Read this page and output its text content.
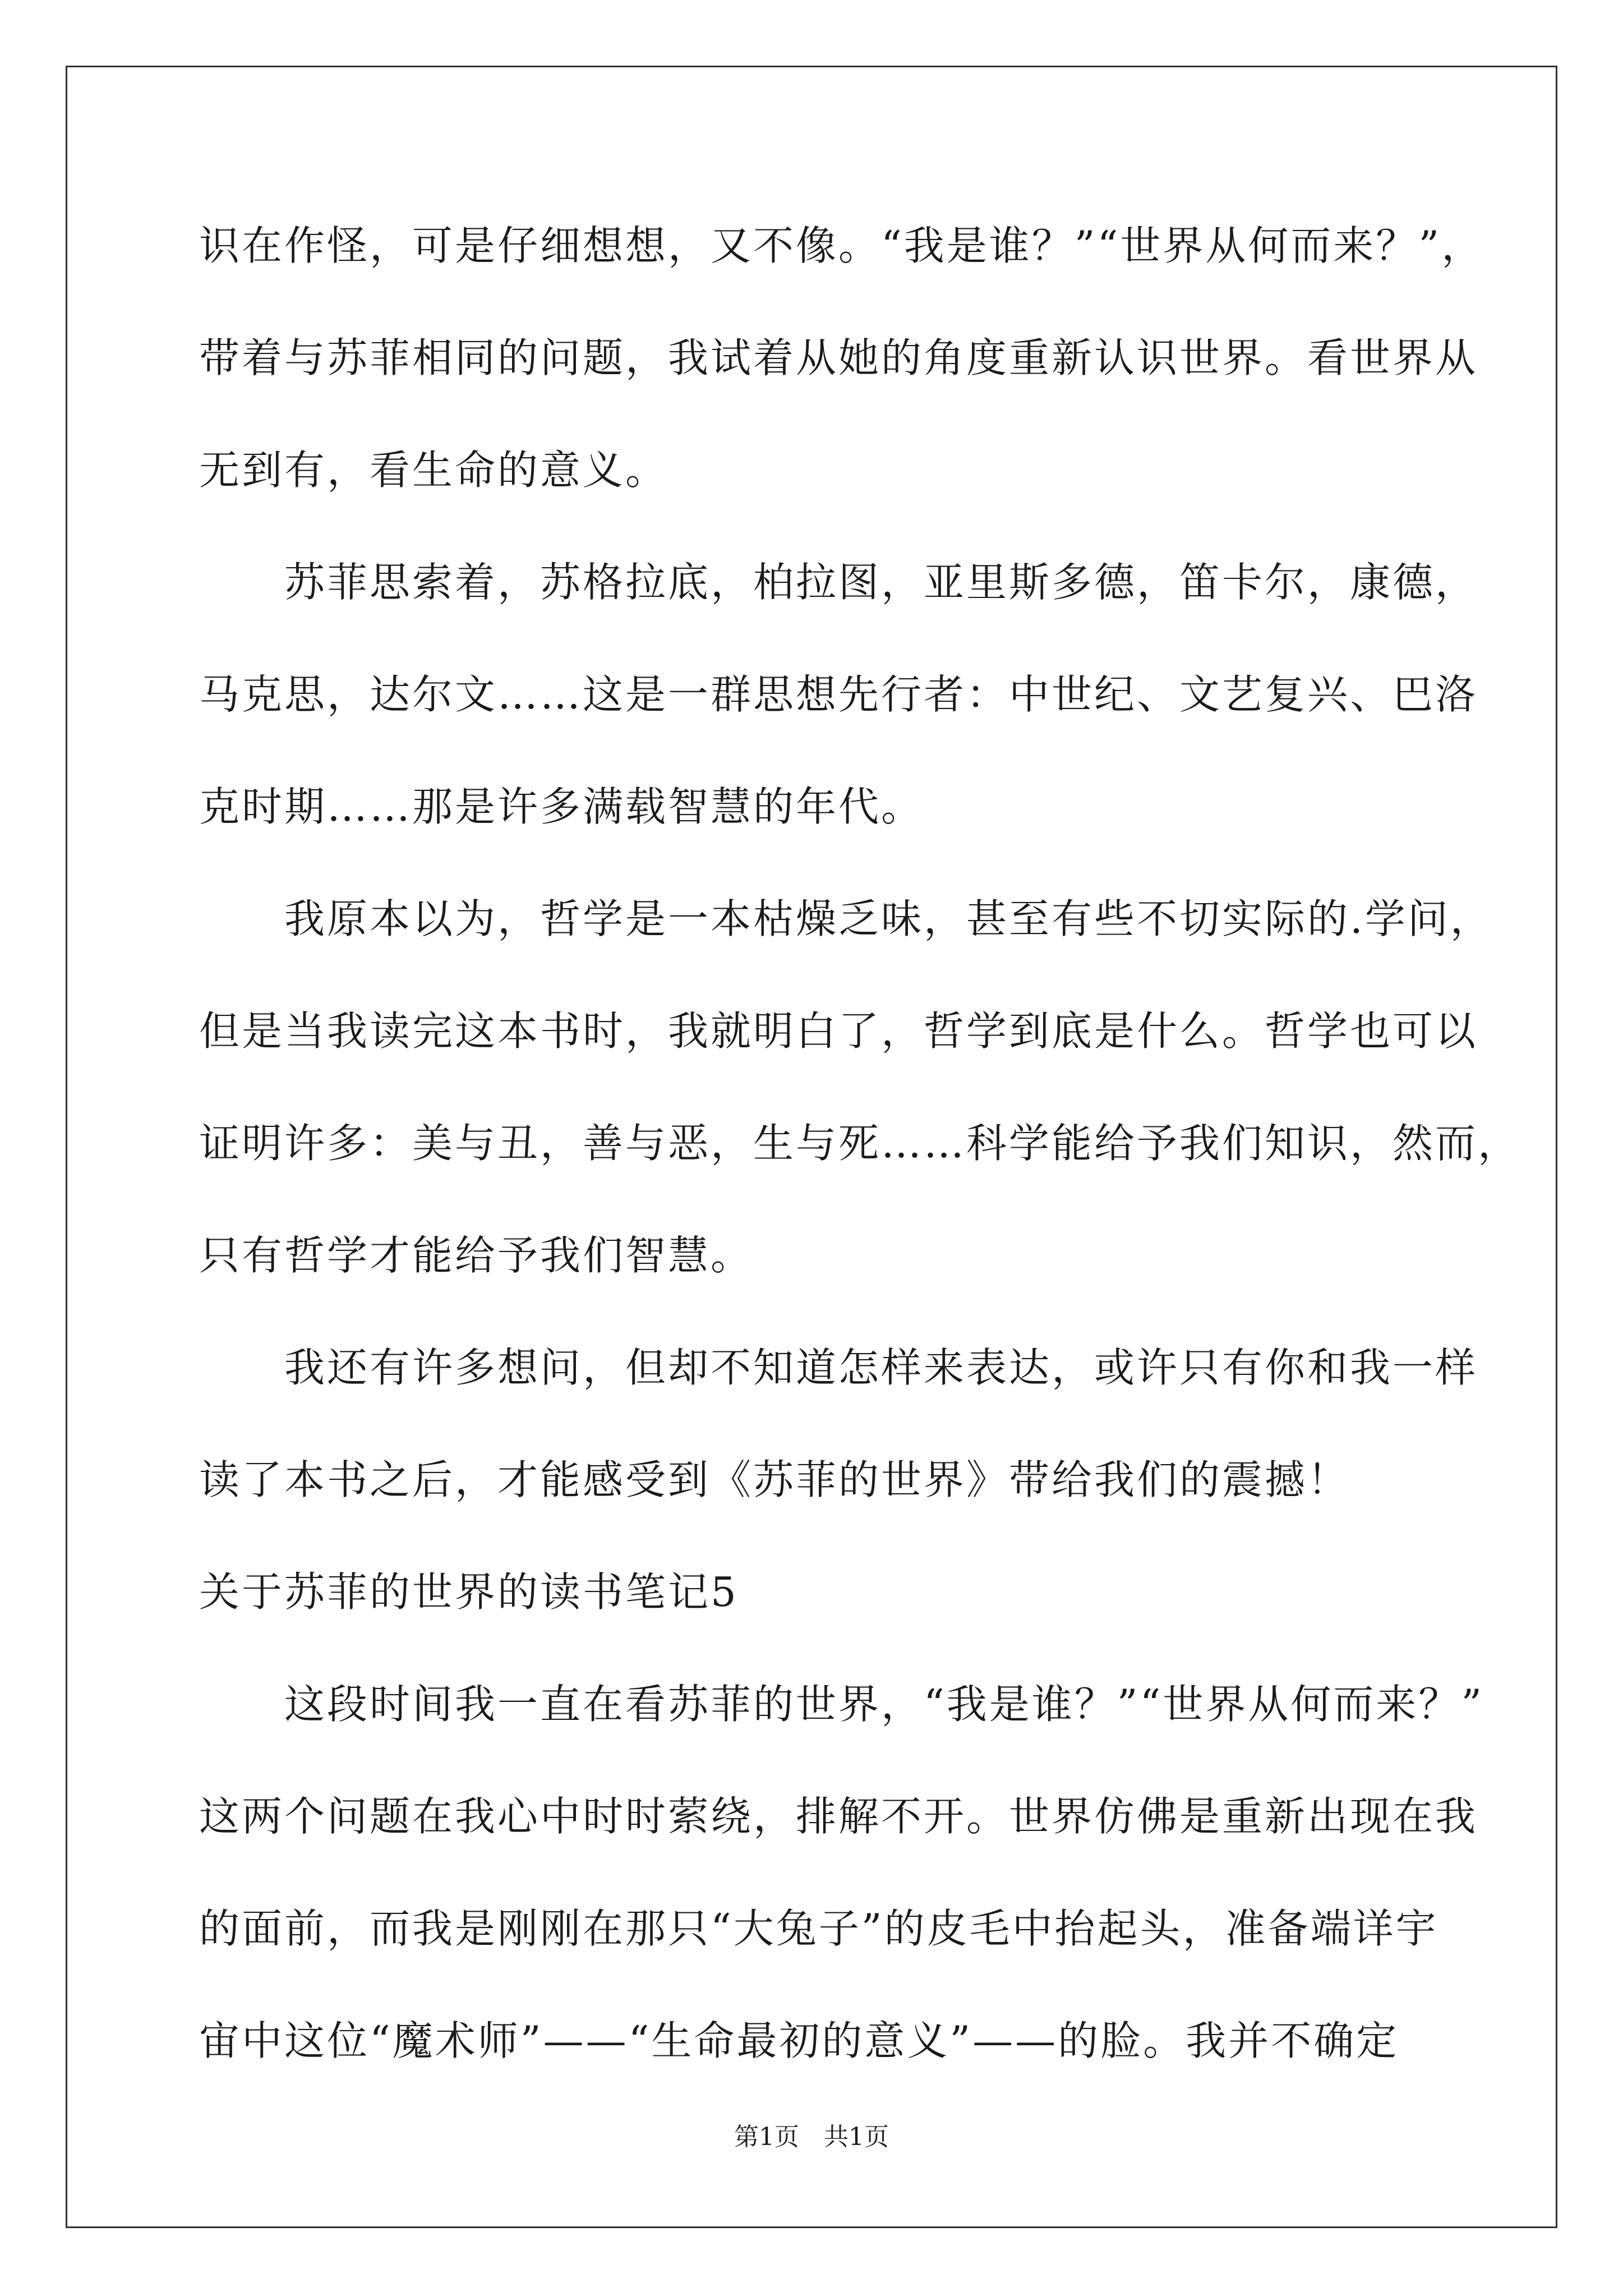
识在作怪，可是仔细想想，又不像。“我是谁？”“世界从何而来？”，
带着与苏菲相同的问题，我试着从她的角度重新认识世界。看世界从
无到有，看生命的意义。
　　苏菲思索着，苏格拉底，柏拉图，亚里斯多德，笛卡尔，康德，
马克思，达尔文……这是一群思想先行者：中世纪、文艺复兴、巴洛
克时期……那是许多满载智慧的年代。
　　我原本以为，哲学是一本枯燥乏味，甚至有些不切实际的.学问，
但是当我读完这本书时，我就明白了，哲学到底是什么。哲学也可以
证明许多：美与丑，善与恶，生与死……科学能给予我们知识，然而，
只有哲学才能给予我们智慧。
　　我还有许多想问，但却不知道怎样来表达，或许只有你和我一样
读了本书之后，才能感受到《苏菲的世界》带给我们的震撼！
关于苏菲的世界的读书笔记5
　　这段时间我一直在看苏菲的世界，“我是谁？”“世界从何而来？”
这两个问题在我心中时时萦绕，排解不开。世界仿佛是重新出现在我
的面前，而我是刚刚在那只“大兔子”的皮毛中抬起头，准备端详宇
宙中这位“魔术师”——“生命最初的意义”——的脸。我并不确定
第1页　共1页
